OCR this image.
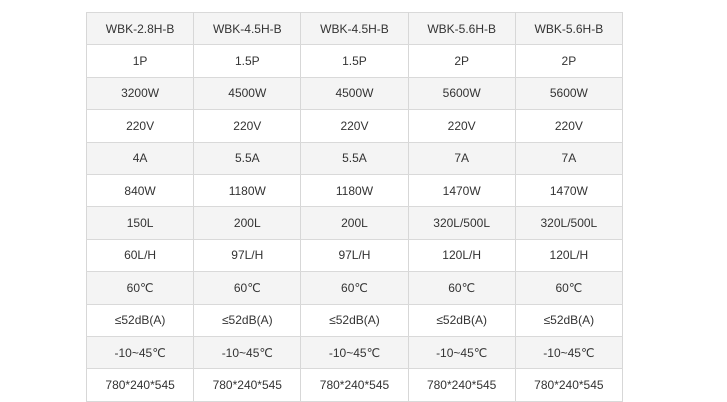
WBK-2.8H-B	WBK-4.5H-B	WBK-4.5H-B	WBK-5.6H-B	WBK-5.6H-B
1P	1.5P	1.5P	2P	2P
3200W	4500W	4500W	5600W	5600W
220V	220V	220V	220V	220V
4A	5.5A	5.5A	7A	7A
840W	1180W	1180W	1470W	1470W
150L	200L	200L	320L/500L	320L/500L
60L/H	97L/H	97L/H	120L/H	120L/H
60℃	60℃	60℃	60℃	60℃
≤52dB(A)	≤52dB(A)	≤52dB(A)	≤52dB(A)	≤52dB(A)
-10~45℃	-10~45℃	-10~45℃	-10~45℃	-10~45℃
780*240*545	780*240*545	780*240*545	780*240*545	780*240*545
